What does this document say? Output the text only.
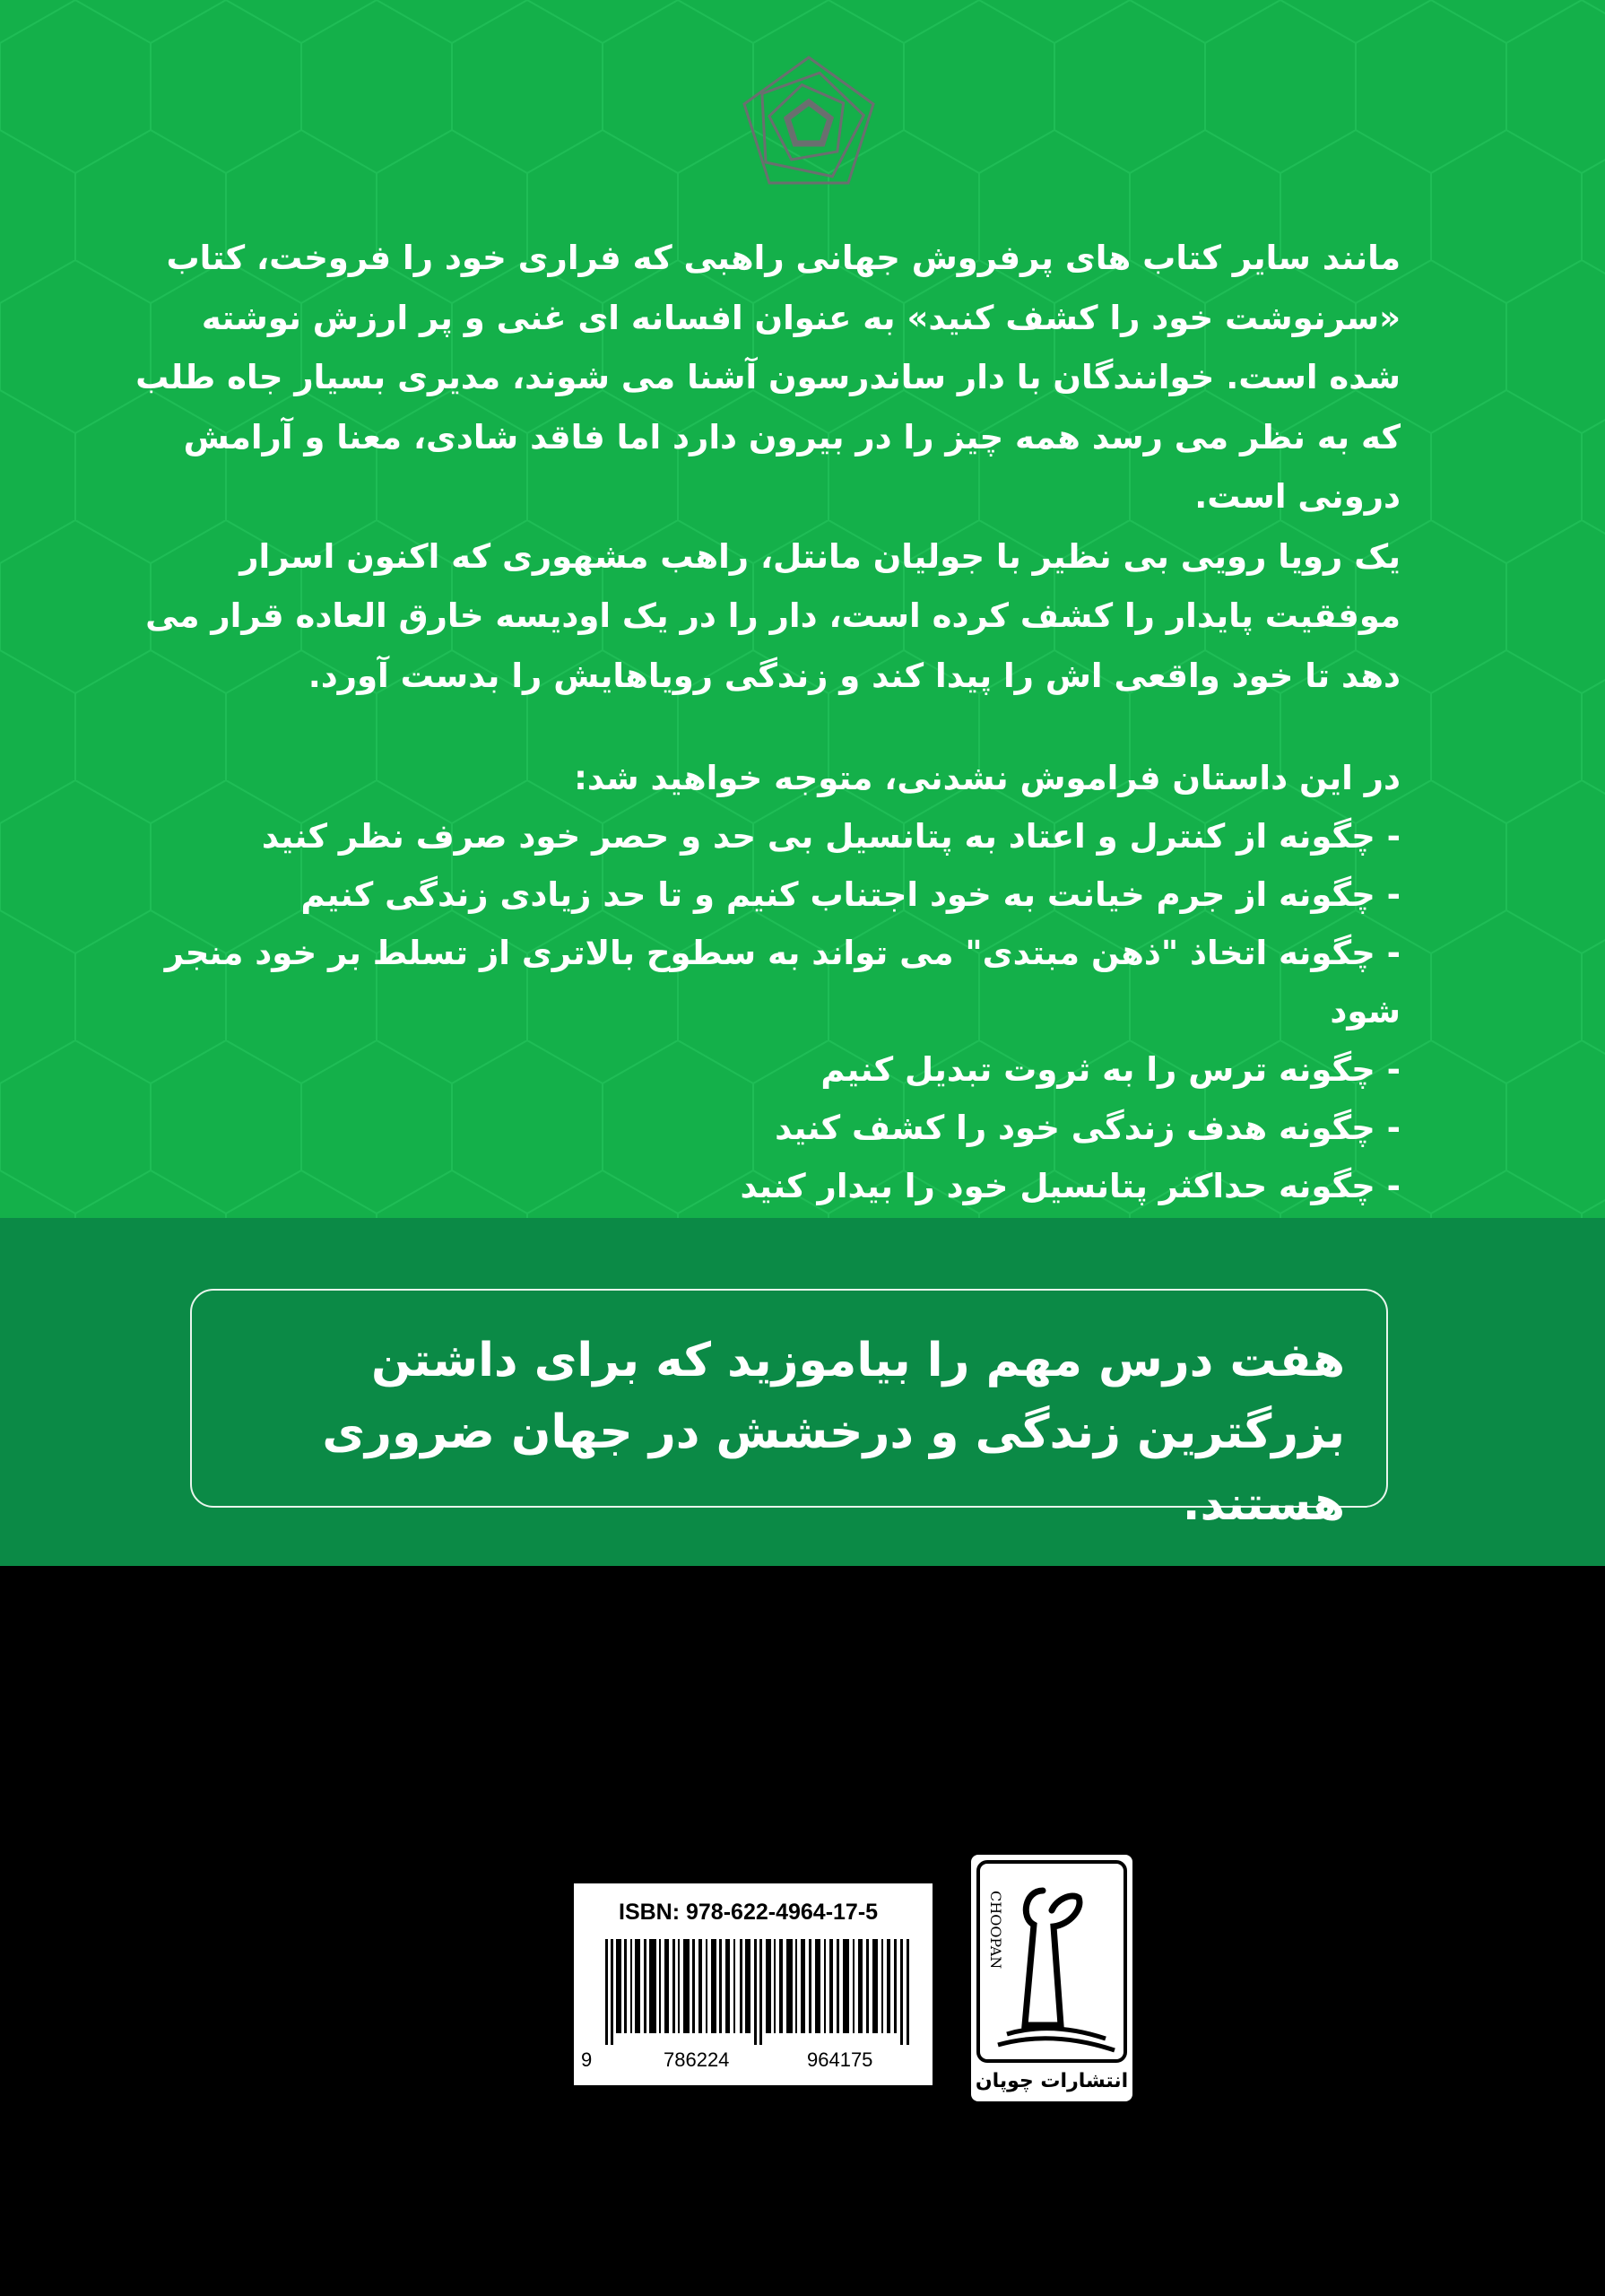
مانند سایر کتاب های پرفروش جهانی راهبی که فراری خود را فروخت، کتاب «سرنوشت خود را کشف کنید» به عنوان افسانه ای غنی و پر ارزش نوشته شده است. خوانندگان با دار ساندرسون آشنا می شوند، مدیری بسیار جاه طلب که به نظر می رسد همه چیز را در بیرون دارد اما فاقد شادی، معنا و آرامش درونی است.

یک رویا رویی بی نظیر با جولیان مانتل، راهب مشهوری که اکنون اسرار موفقیت پایدار را کشف کرده است، دار را در یک اودیسه خارق العاده قرار می دهد تا خود واقعی اش را پیدا کند و زندگی رویاهایش را بدست آورد.

در این داستان فراموش نشدنی، متوجه خواهید شد:
- چگونه از کنترل و اعتاد به پتانسیل بی حد و حصر خود صرف نظر کنید
- چگونه از جرم خیانت به خود اجتناب کنیم و تا حد زیادی زندگی کنیم
- چگونه اتخاذ "ذهن مبتدی" می تواند به سطوح بالاتری از تسلط بر خود منجر شود
- چگونه ترس را به ثروت تبدیل کنیم
- چگونه هدف زندگی خود را کشف کنید
- چگونه حداکثر پتانسیل خود را بیدار کنید
هفت درس مهم را بیاموزید که برای داشتن بزرگترین زندگی و درخشش در جهان ضروری هستند.
ISBN: 978-622-4964-17-5
9	786224	964175
CHOOPAN
انتشارات چوپان
